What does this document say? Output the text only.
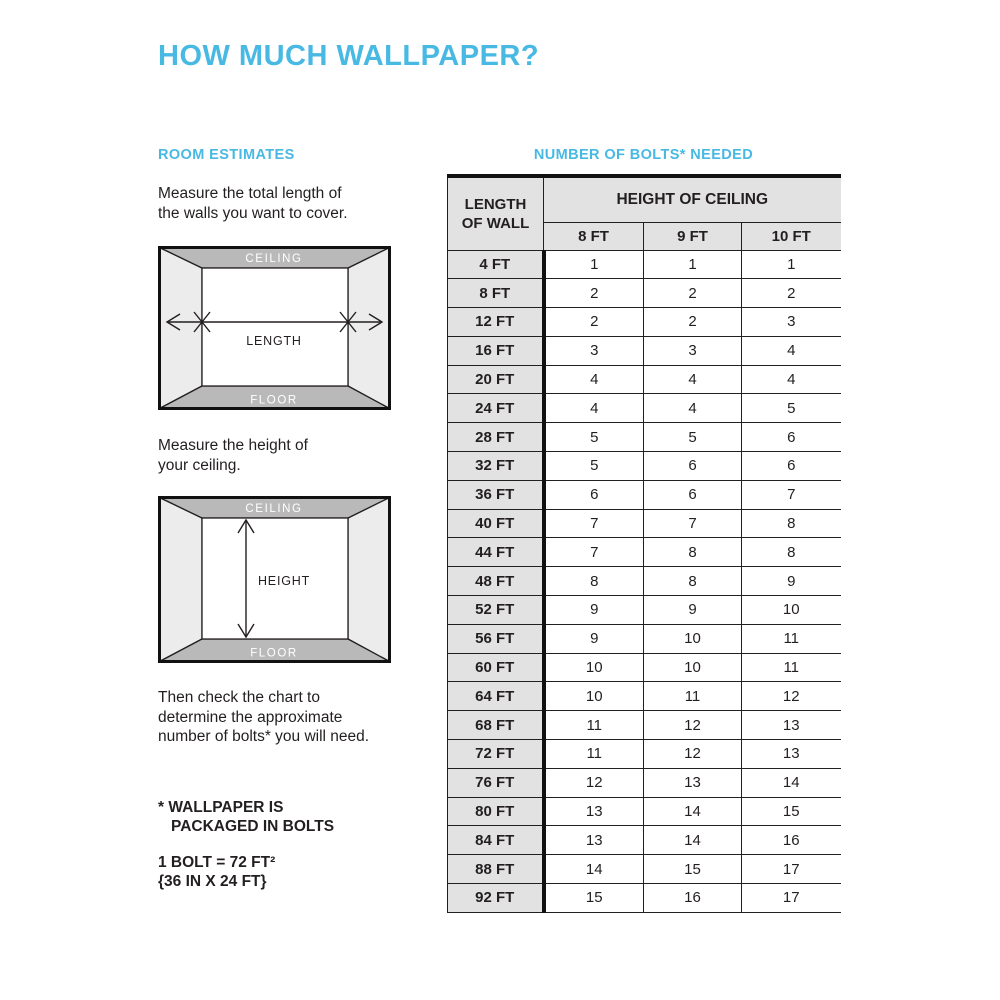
HOW MUCH WALLPAPER?
ROOM ESTIMATES

Measure the total length of
the walls you want to cover.

CEILING
FLOOR
LENGTH

Measure the height of
your ceiling.

CEILING
FLOOR
HEIGHT

Then check the chart to
determine the approximate
number of bolts* you will need.

* WALLPAPER IS
PACKAGED IN BOLTS

1 BOLT = 72 FT²
{36 IN X 24 FT}

NUMBER OF BOLTS* NEEDED
LENGTH
OF WALL	HEIGHT OF CEILING		
	8 FT	9 FT	10 FT
4 FT	1	1	1
8 FT	2	2	2
12 FT	2	2	3
16 FT	3	3	4
20 FT	4	4	4
24 FT	4	4	5
28 FT	5	5	6
32 FT	5	6	6
36 FT	6	6	7
40 FT	7	7	8
44 FT	7	8	8
48 FT	8	8	9
52 FT	9	9	10
56 FT	9	10	11
60 FT	10	10	11
64 FT	10	11	12
68 FT	11	12	13
72 FT	11	12	13
76 FT	12	13	14
80 FT	13	14	15
84 FT	13	14	16
88 FT	14	15	17
92 FT	15	16	17
